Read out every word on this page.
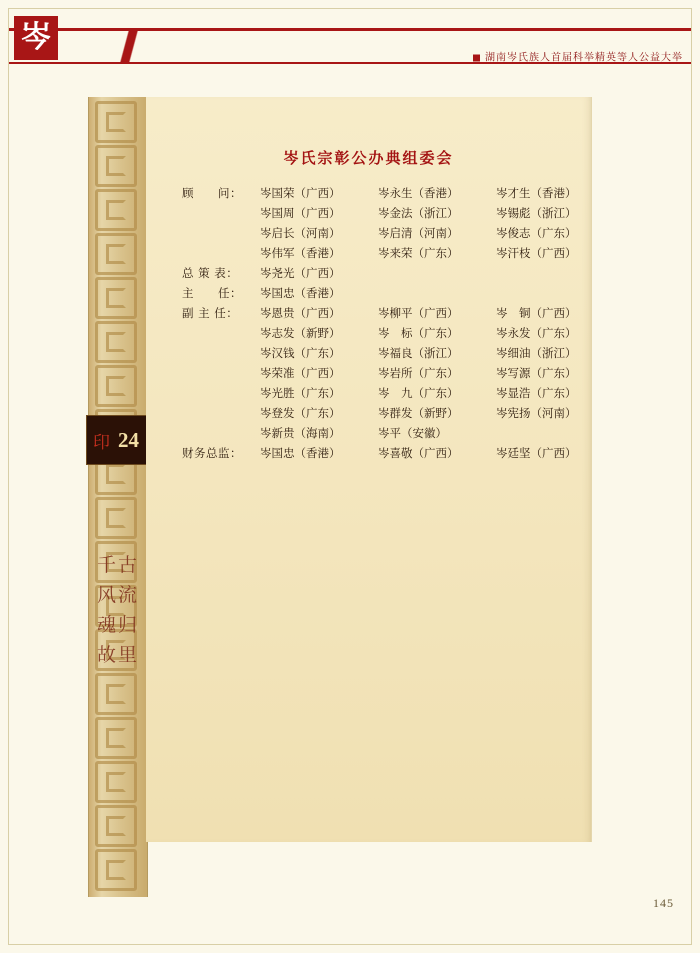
湖南岑氏族人首届科举精英等人公益大举
岑
印 24
千古风流魂归故里
岑氏宗彰公办典组委会
顾　　问：	岑国荣（广西）	岑永生（香港）	岑才生（香港）
岑国周（广西）	岑金法（浙江）	岑锡彪（浙江）
岑启长（河南）	岑启清（河南）	岑俊志（广东）
岑伟军（香港）	岑来荣（广东）	岑汗枝（广西）
总 策 表：	岑尧光（广西）
主　　任：	岑国忠（香港）
副 主 任：	岑恩贵（广西）	岑柳平（广西）	岑　铜（广西）
岑志发（新野）	岑　标（广东）	岑永发（广东）
岑汉钱（广东）	岑福良（浙江）	岑细油（浙江）
岑荣准（广西）	岑岩所（广东）	岑写源（广东）
岑光胜（广东）	岑　九（广东）	岑显浩（广东）
岑登发（广东）	岑群发（新野）	岑宪扬（河南）
岑新贵（海南）	岑平（安徽）
财务总监：	岑国忠（香港）	岑喜敬（广西）	岑廷坚（广西）
145
